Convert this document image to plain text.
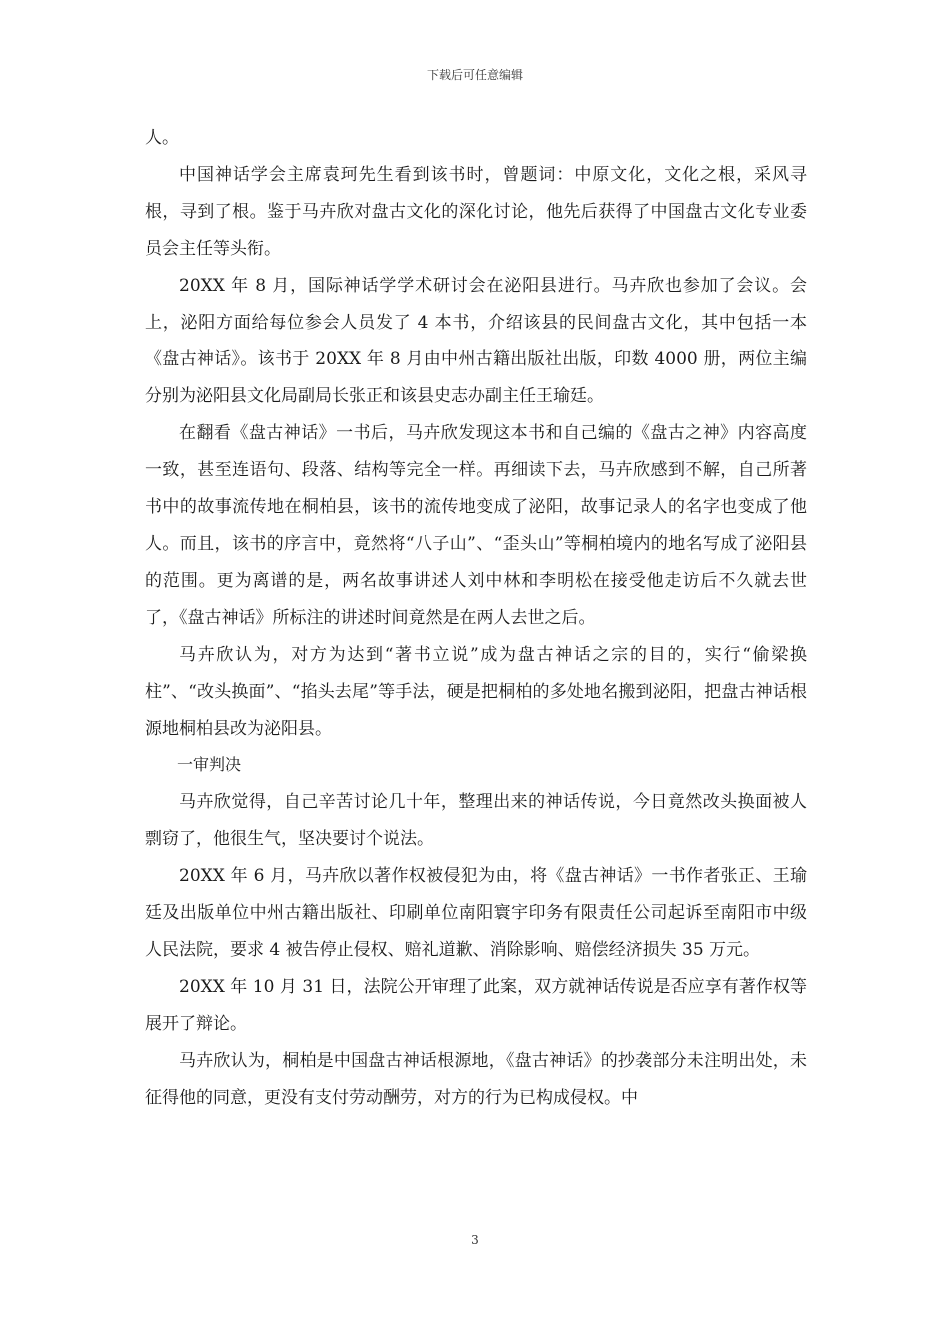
下载后可任意编辑

人。

中国神话学会主席袁珂先生看到该书时，曾题词：中原文化，文化之根，采风寻根，寻到了根。鉴于马卉欣对盘古文化的深化讨论，他先后获得了中国盘古文化专业委员会主任等头衔。

20XX 年 8 月，国际神话学学术研讨会在泌阳县进行。马卉欣也参加了会议。会上，泌阳方面给每位参会人员发了 4 本书，介绍该县的民间盘古文化，其中包括一本《盘古神话》。该书于 20XX 年 8 月由中州古籍出版社出版，印数 4000 册，两位主编分别为泌阳县文化局副局长张正和该县史志办副主任王瑜廷。

在翻看《盘古神话》一书后，马卉欣发现这本书和自己编的《盘古之神》内容高度一致，甚至连语句、段落、结构等完全一样。再细读下去，马卉欣感到不解，自己所著书中的故事流传地在桐柏县，该书的流传地变成了泌阳，故事记录人的名字也变成了他人。而且，该书的序言中，竟然将“八子山”、“歪头山”等桐柏境内的地名写成了泌阳县的范围。更为离谱的是，两名故事讲述人刘中林和李明松在接受他走访后不久就去世了，《盘古神话》所标注的讲述时间竟然是在两人去世之后。

马卉欣认为，对方为达到“著书立说”成为盘古神话之宗的目的，实行“偷梁换柱”、“改头换面”、“掐头去尾”等手法，硬是把桐柏的多处地名搬到泌阳，把盘古神话根源地桐柏县改为泌阳县。

一审判决

马卉欣觉得，自己辛苦讨论几十年，整理出来的神话传说，今日竟然改头换面被人剽窃了，他很生气，坚决要讨个说法。

20XX 年 6 月，马卉欣以著作权被侵犯为由，将《盘古神话》一书作者张正、王瑜廷及出版单位中州古籍出版社、印刷单位南阳寰宇印务有限责任公司起诉至南阳市中级人民法院，要求 4 被告停止侵权、赔礼道歉、消除影响、赔偿经济损失 35 万元。

20XX 年 10 月 31 日，法院公开审理了此案，双方就神话传说是否应享有著作权等展开了辩论。

马卉欣认为，桐柏是中国盘古神话根源地，《盘古神话》的抄袭部分未注明出处，未征得他的同意，更没有支付劳动酬劳，对方的行为已构成侵权。中

3
